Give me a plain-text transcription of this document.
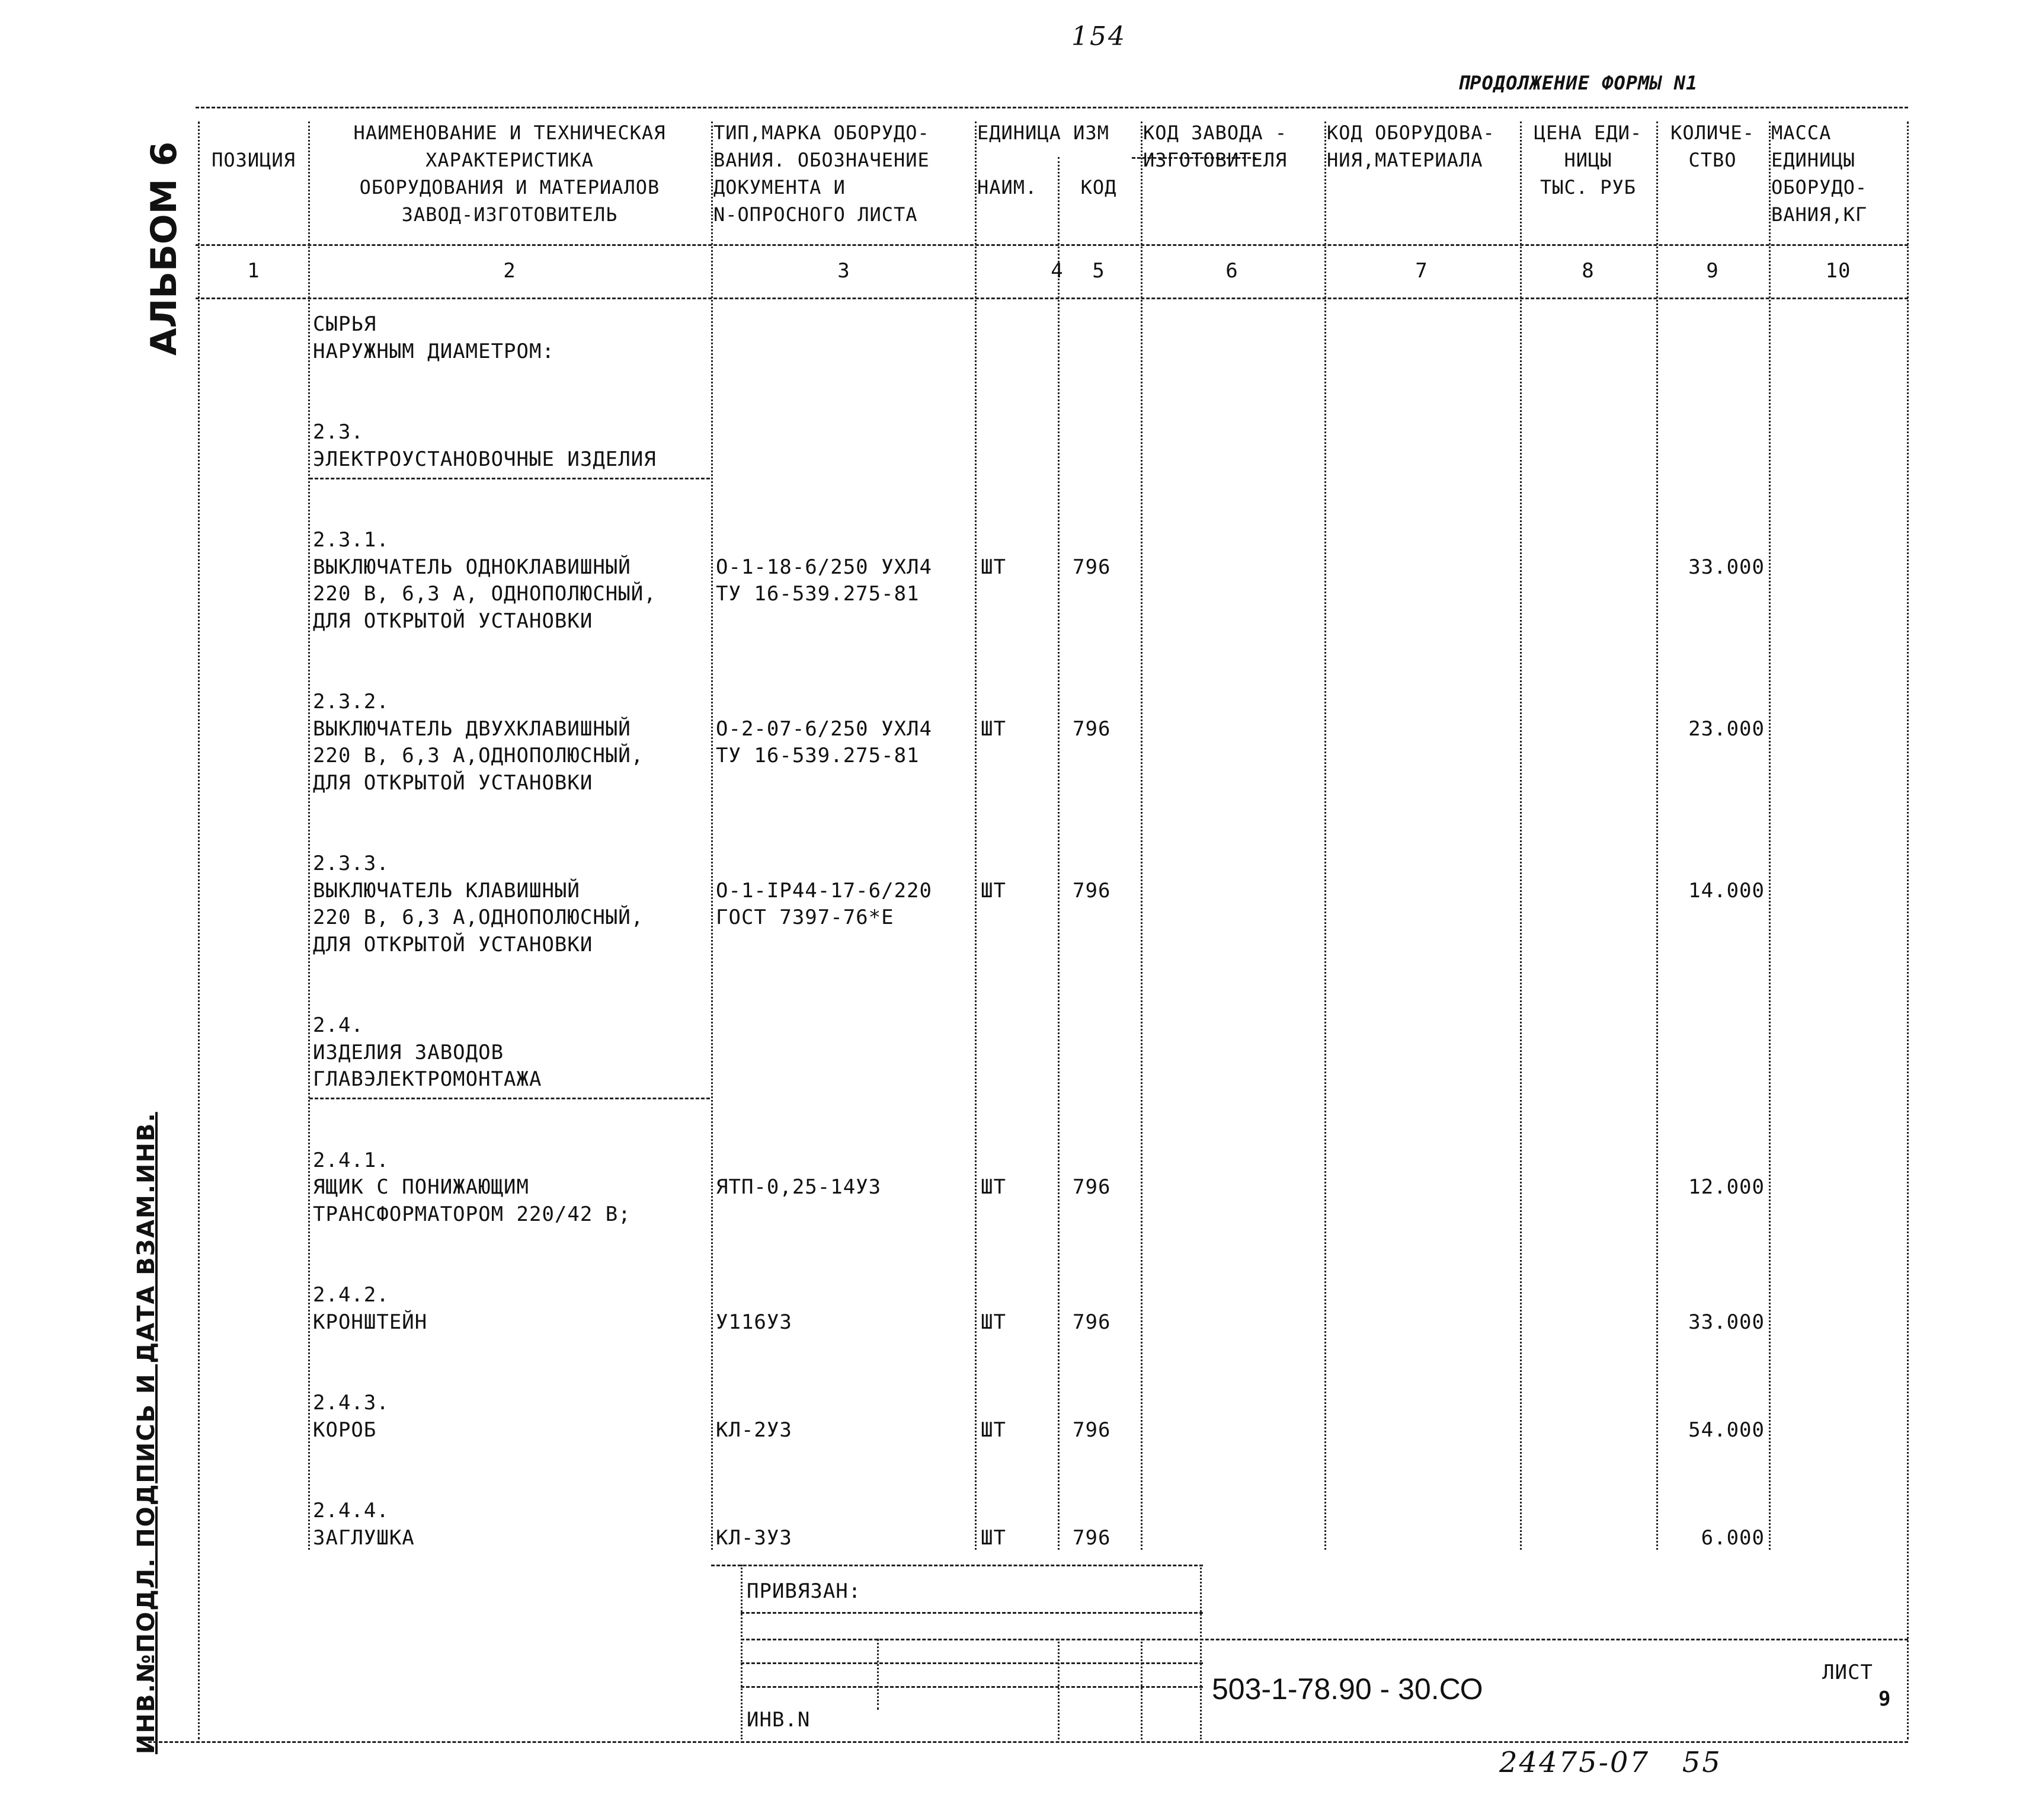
154
ПРОДОЛЖЕНИЕ ФОРМЫ N1
АЛЬБОМ 6
ИНВ.№ПОДЛ. ПОДПИСЬ И ДАТА ВЗАМ.ИНВ.
ПОЗИЦИЯ
НАИМЕНОВАНИЕ И ТЕХНИЧЕСКАЯ
ХАРАКТЕРИСТИКА
ОБОРУДОВАНИЯ И МАТЕРИАЛОВ
ЗАВОД-ИЗГОТОВИТЕЛЬ
ТИП,МАРКА ОБОРУДО-
ВАНИЯ. ОБОЗНАЧЕНИЕ
ДОКУМЕНТА И
N-ОПРОСНОГО ЛИСТА
ЕДИНИЦА ИЗМ
НАИМ.	КОД
КОД ЗАВОДА -
ИЗГОТОВИТЕЛЯ
КОД ОБОРУДОВА-
НИЯ,МАТЕРИАЛА
ЦЕНА ЕДИ-
НИЦЫ
ТЫС. РУБ
КОЛИЧЕ-
СТВО
МАССА
ЕДИНИЦЫ
ОБОРУДО-
ВАНИЯ,КГ
1	2	3	4	5	6	7	8	9	10
СЫРЬЯ
НАРУЖНЫМ ДИАМЕТРОМ:
2.3.
ЭЛЕКТРОУСТАНОВОЧНЫЕ ИЗДЕЛИЯ
2.3.1.
ВЫКЛЮЧАТЕЛЬ ОДНОКЛАВИШНЫЙ	О-1-18-6/250 УХЛ4	ШТ	796	33.000
220 В, 6,3 А, ОДНОПОЛЮСНЫЙ,	ТУ 16-539.275-81
ДЛЯ ОТКРЫТОЙ УСТАНОВКИ
2.3.2.
ВЫКЛЮЧАТЕЛЬ ДВУХКЛАВИШНЫЙ	О-2-07-6/250 УХЛ4	ШТ	796	23.000
220 В, 6,3 А,ОДНОПОЛЮСНЫЙ,	ТУ 16-539.275-81
ДЛЯ ОТКРЫТОЙ УСТАНОВКИ
2.3.3.
ВЫКЛЮЧАТЕЛЬ КЛАВИШНЫЙ	О-1-IP44-17-6/220	ШТ	796	14.000
220 В, 6,3 А,ОДНОПОЛЮСНЫЙ,	ГОСТ 7397-76*Е
ДЛЯ ОТКРЫТОЙ УСТАНОВКИ
2.4.
ИЗДЕЛИЯ ЗАВОДОВ
ГЛАВЭЛЕКТРОМОНТАЖА
2.4.1.
ЯЩИК С ПОНИЖАЮЩИМ	ЯТП-0,25-14У3	ШТ	796	12.000
ТРАНСФОРМАТОРОМ 220/42 В;
2.4.2.
КРОНШТЕЙН	У116У3	ШТ	796	33.000
2.4.3.
КОРОБ	КЛ-2У3	ШТ	796	54.000
2.4.4.
ЗАГЛУШКА	КЛ-3У3	ШТ	796	6.000
ПРИВЯЗАН:
ИНВ.N
503-1-78.90 - 30.СО	ЛИСТ
9
24475-07   55
